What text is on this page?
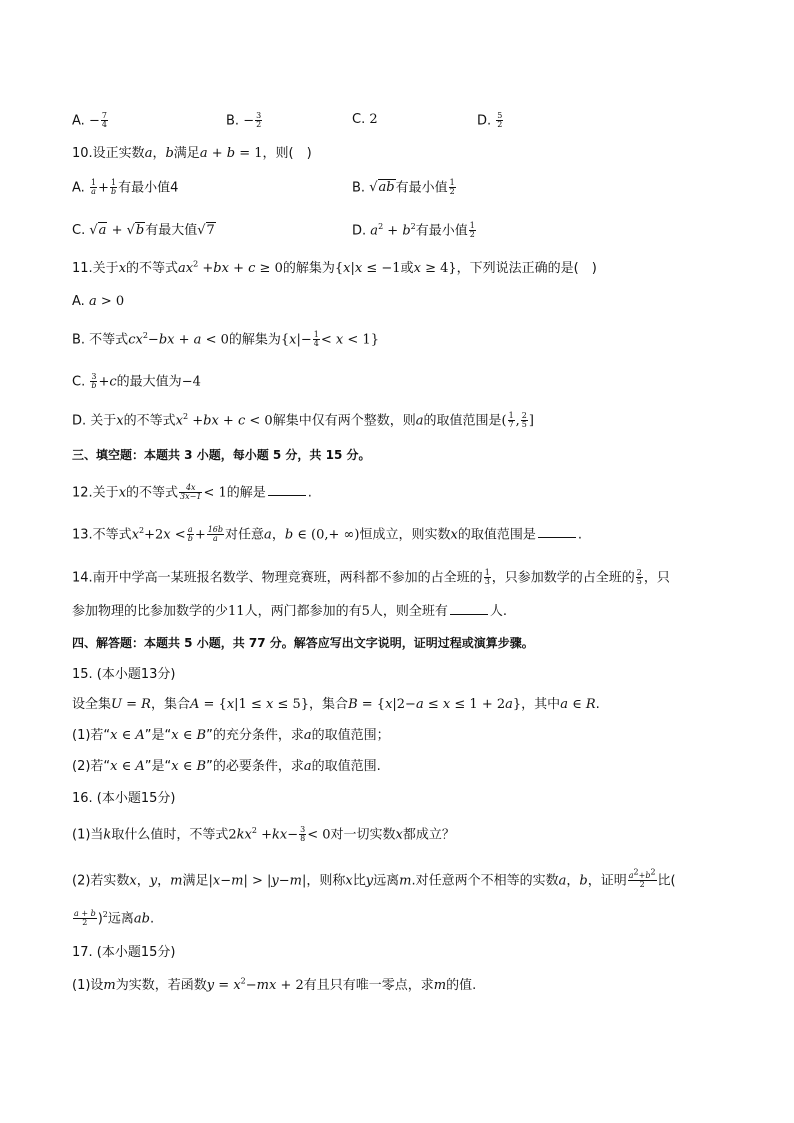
A. − $\frac{7}{4}$	B. − $\frac{3}{2}$	C. 2	D. $\frac{5}{2}$
10.设正实数a，b满足a + b = 1，则(　)
A. $\frac{1}{a} + \frac{1}{b}$ 有最小值4	B. √ab有最小值 $\frac{1}{2}$
C. √a + √b有最大值√7	D. $a^2 + b^2$有最小值 $\frac{1}{2}$
11.关于x的不等式$ax^2 +bx + c \ge 0$的解集为{x|x ≤ −1或x ≥ 4}，下列说法正确的是(　)
A. a > 0
B. 不等式$cx^2-bx + a < 0$的解集为$\{x|- \frac{1}{4} < x < 1\}$
C. $\frac{3}{b} +c$的最大值为−4
D. 关于x的不等式$x^2 +bx + c < 0$解集中仅有两个整数，则a的取值范围是( $\frac{1}{7}$ , $\frac{2}{5}$ ]
三、填空题：本题共 3 小题，每小题 5 分，共 15 分。
12.关于x的不等式 $\frac{4x}{3x-1} < 1$的解是	.
13.不等式$x^2+2x < \frac{a}{b} + \frac{16b}{a}$ 对任意a，b ∈ (0,+ ∞)恒成立，则实数x的取值范围是	.
14.南开中学高一某班报名数学、物理竞赛班，两科都不参加的占全班的 $\frac{1}{3}$ ，只参加数学的占全班的 $\frac{2}{5}$ ，只
参加物理的比参加数学的少11人，两门都参加的有5人，则全班有	人.
四、解答题：本题共 5 小题，共 77 分。解答应写出文字说明，证明过程或演算步骤。
15. (本小题13分)
设全集U = R，集合A = {x|1 ≤ x ≤ 5}，集合B = {x|2−a ≤ x ≤ 1 + 2a}，其中a ∈ R.
(1)若“x ∈ A”是“x ∈ B”的充分条件，求a的取值范围；
(2)若“x ∈ A”是“x ∈ B”的必要条件，求a的取值范围.
16. (本小题15分)
(1)当k取什么值时，不等式$2kx^2 +kx- \frac{3}{8} < 0$对一切实数x都成立？
(2)若实数x，y，m满足|x−m| > |y−m|，则称x比y远离m.对任意两个不相等的实数a，b，证明 $\frac{a2+b2}{2}$ 比(
$\frac{a + b}{2} )^2$远离ab.
17. (本小题15分)
(1)设m为实数，若函数$y = x^2-mx + 2$有且只有唯一零点，求m的值.
